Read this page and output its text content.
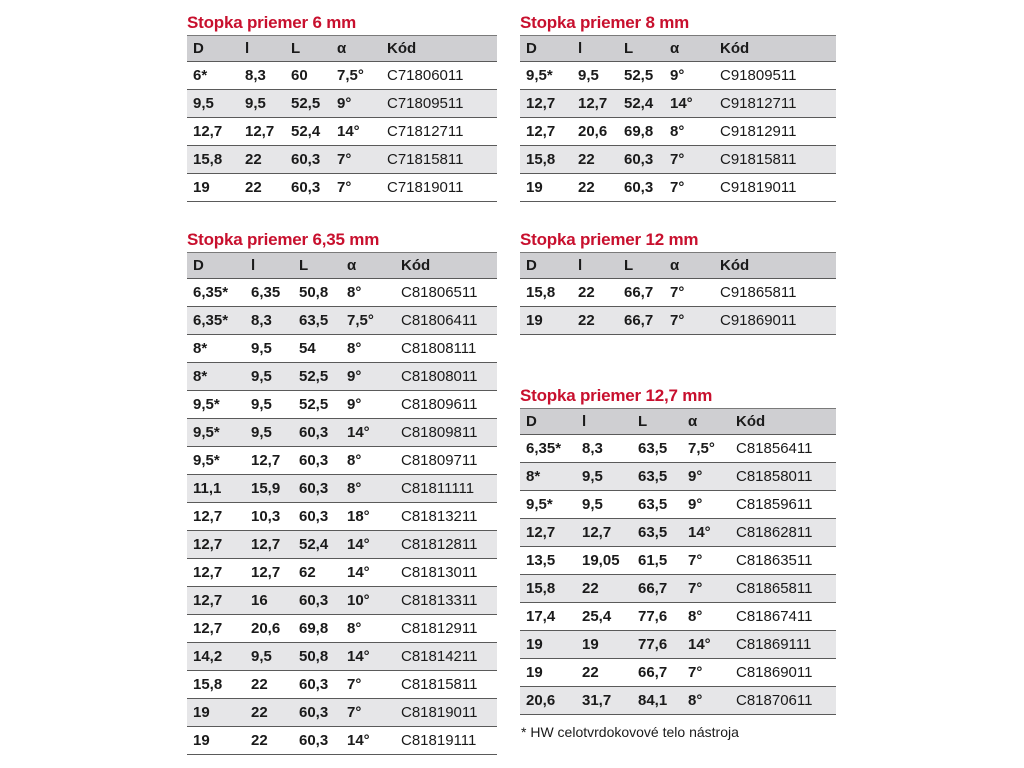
Stopka priemer 6 mm
D	l	L	α	Kód
6*	8,3	60	7,5°	C71806011
9,5	9,5	52,5	9°	C71809511
12,7	12,7	52,4	14°	C71812711
15,8	22	60,3	7°	C71815811
19	22	60,3	7°	C71819011
Stopka priemer 6,35 mm
D	l	L	α	Kód
6,35*	6,35	50,8	8°	C81806511
6,35*	8,3	63,5	7,5°	C81806411
8*	9,5	54	8°	C81808111
8*	9,5	52,5	9°	C81808011
9,5*	9,5	52,5	9°	C81809611
9,5*	9,5	60,3	14°	C81809811
9,5*	12,7	60,3	8°	C81809711
11,1	15,9	60,3	8°	C81811111
12,7	10,3	60,3	18°	C81813211
12,7	12,7	52,4	14°	C81812811
12,7	12,7	62	14°	C81813011
12,7	16	60,3	10°	C81813311
12,7	20,6	69,8	8°	C81812911
14,2	9,5	50,8	14°	C81814211
15,8	22	60,3	7°	C81815811
19	22	60,3	7°	C81819011
19	22	60,3	14°	C81819111
Stopka priemer 8 mm
D	l	L	α	Kód
9,5*	9,5	52,5	9°	C91809511
12,7	12,7	52,4	14°	C91812711
12,7	20,6	69,8	8°	C91812911
15,8	22	60,3	7°	C91815811
19	22	60,3	7°	C91819011
Stopka priemer 12 mm
D	l	L	α	Kód
15,8	22	66,7	7°	C91865811
19	22	66,7	7°	C91869011
Stopka priemer 12,7 mm
D	l	L	α	Kód
6,35*	8,3	63,5	7,5°	C81856411
8*	9,5	63,5	9°	C81858011
9,5*	9,5	63,5	9°	C81859611
12,7	12,7	63,5	14°	C81862811
13,5	19,05	61,5	7°	C81863511
15,8	22	66,7	7°	C81865811
17,4	25,4	77,6	8°	C81867411
19	19	77,6	14°	C81869111
19	22	66,7	7°	C81869011
20,6	31,7	84,1	8°	C81870611
* HW celotvrdokovové telo nástroja
